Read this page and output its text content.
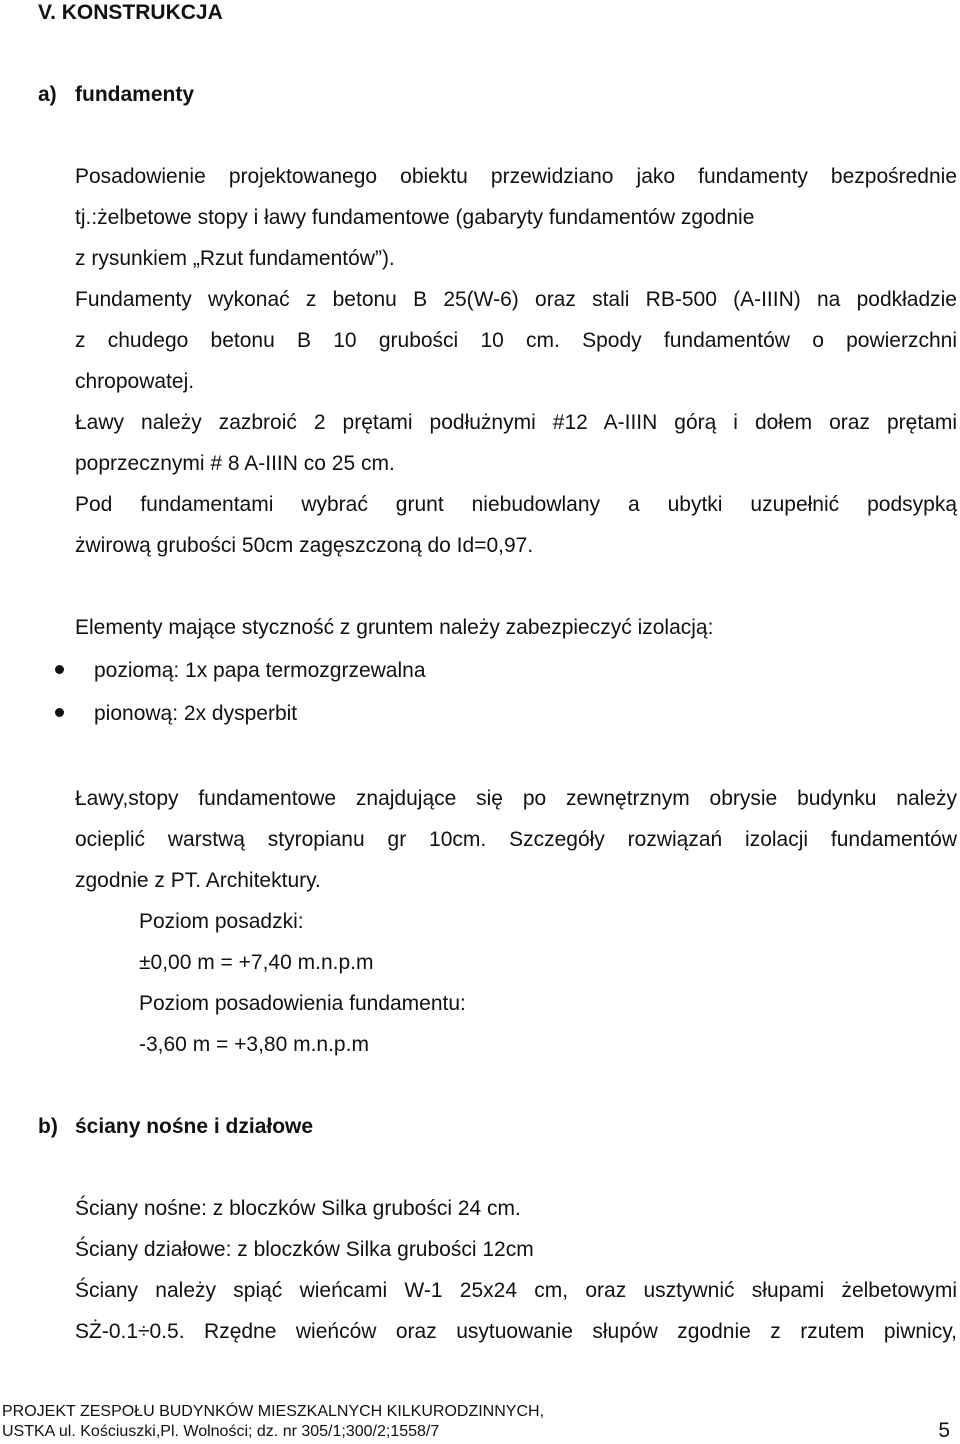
V. KONSTRUKCJA
a) fundamenty
Posadowienie projektowanego obiektu przewidziano jako fundamenty bezpośrednie
tj.:żelbetowe stopy i ławy fundamentowe (gabaryty fundamentów zgodnie
z rysunkiem „Rzut fundamentów”).
Fundamenty wykonać z betonu B 25(W-6) oraz stali RB-500 (A-IIIN) na podkładzie
z chudego betonu B 10 grubości 10 cm. Spody fundamentów o powierzchni
chropowatej.
Ławy należy zazbroić 2 prętami podłużnymi #12 A-IIIN górą i dołem oraz prętami
poprzecznymi # 8 A-IIIN co 25 cm.
Pod fundamentami wybrać grunt niebudowlany a ubytki uzupełnić podsypką
żwirową grubości 50cm zagęszczoną do Id=0,97.
Elementy mające styczność z gruntem należy zabezpieczyć izolacją:
poziomą: 1x papa termozgrzewalna
pionową: 2x dysperbit
Ławy,stopy fundamentowe znajdujące się po zewnętrznym obrysie budynku należy
ocieplić warstwą styropianu gr 10cm. Szczegóły rozwiązań izolacji fundamentów
zgodnie z PT. Architektury.
Poziom posadzki:
±0,00 m = +7,40 m.n.p.m
Poziom posadowienia fundamentu:
-3,60 m = +3,80 m.n.p.m
b) ściany nośne i działowe
Ściany nośne: z bloczków Silka grubości 24 cm.
Ściany działowe: z bloczków Silka grubości 12cm
Ściany należy spiąć wieńcami W-1 25x24 cm, oraz usztywnić słupami żelbetowymi
SŻ-0.1÷0.5. Rzędne wieńców oraz usytuowanie słupów zgodnie z rzutem piwnicy,
PROJEKT ZESPOŁU BUDYNKÓW MIESZKALNYCH KILKURODZINNYCH,
USTKA ul. Kościuszki,Pl. Wolności; dz. nr 305/1;300/2;1558/7	5
